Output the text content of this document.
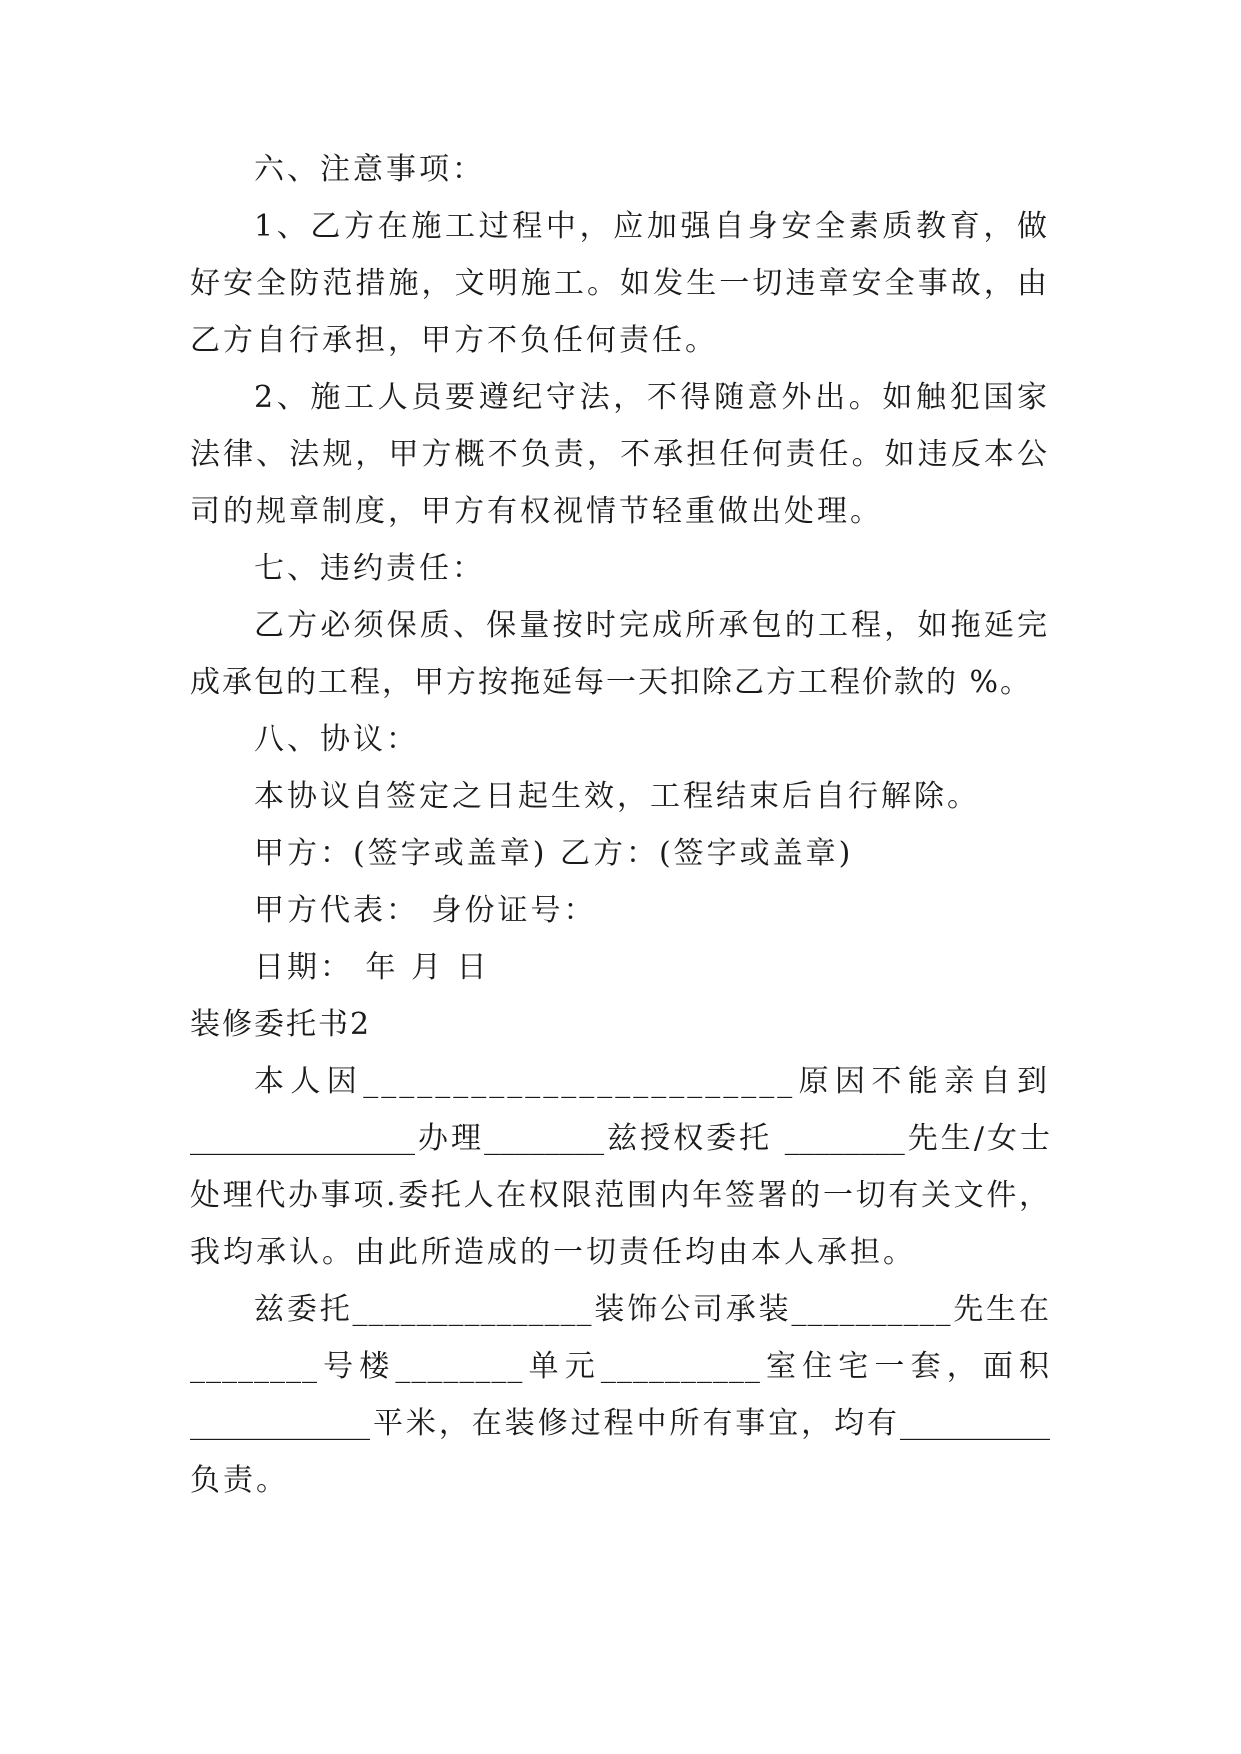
六、注意事项：
1、乙方在施工过程中，应加强自身安全素质教育，做
好安全防范措施，文明施工。如发生一切违章安全事故，由
乙方自行承担，甲方不负任何责任。
2、施工人员要遵纪守法，不得随意外出。如触犯国家
法律、法规，甲方概不负责，不承担任何责任。如违反本公
司的规章制度，甲方有权视情节轻重做出处理。
七、违约责任：
乙方必须保质、保量按时完成所承包的工程，如拖延完
成承包的工程，甲方按拖延每一天扣除乙方工程价款的 %。
八、协议：
本协议自签定之日起生效，工程结束后自行解除。
甲方：(签字或盖章) 乙方：(签字或盖章)
甲方代表： 身份证号：
日期： 年 月 日
装修委托书2
本人因________________________原因不能亲自到
_______________办理________兹授权委托 ________先生/女士
处理代办事项.委托人在权限范围内年签署的一切有关文件，
我均承认。由此所造成的一切责任均由本人承担。
兹委托_______________装饰公司承装__________先生在
________号楼________单元__________室住宅一套，面积
____________平米，在装修过程中所有事宜，均有__________
负责。
